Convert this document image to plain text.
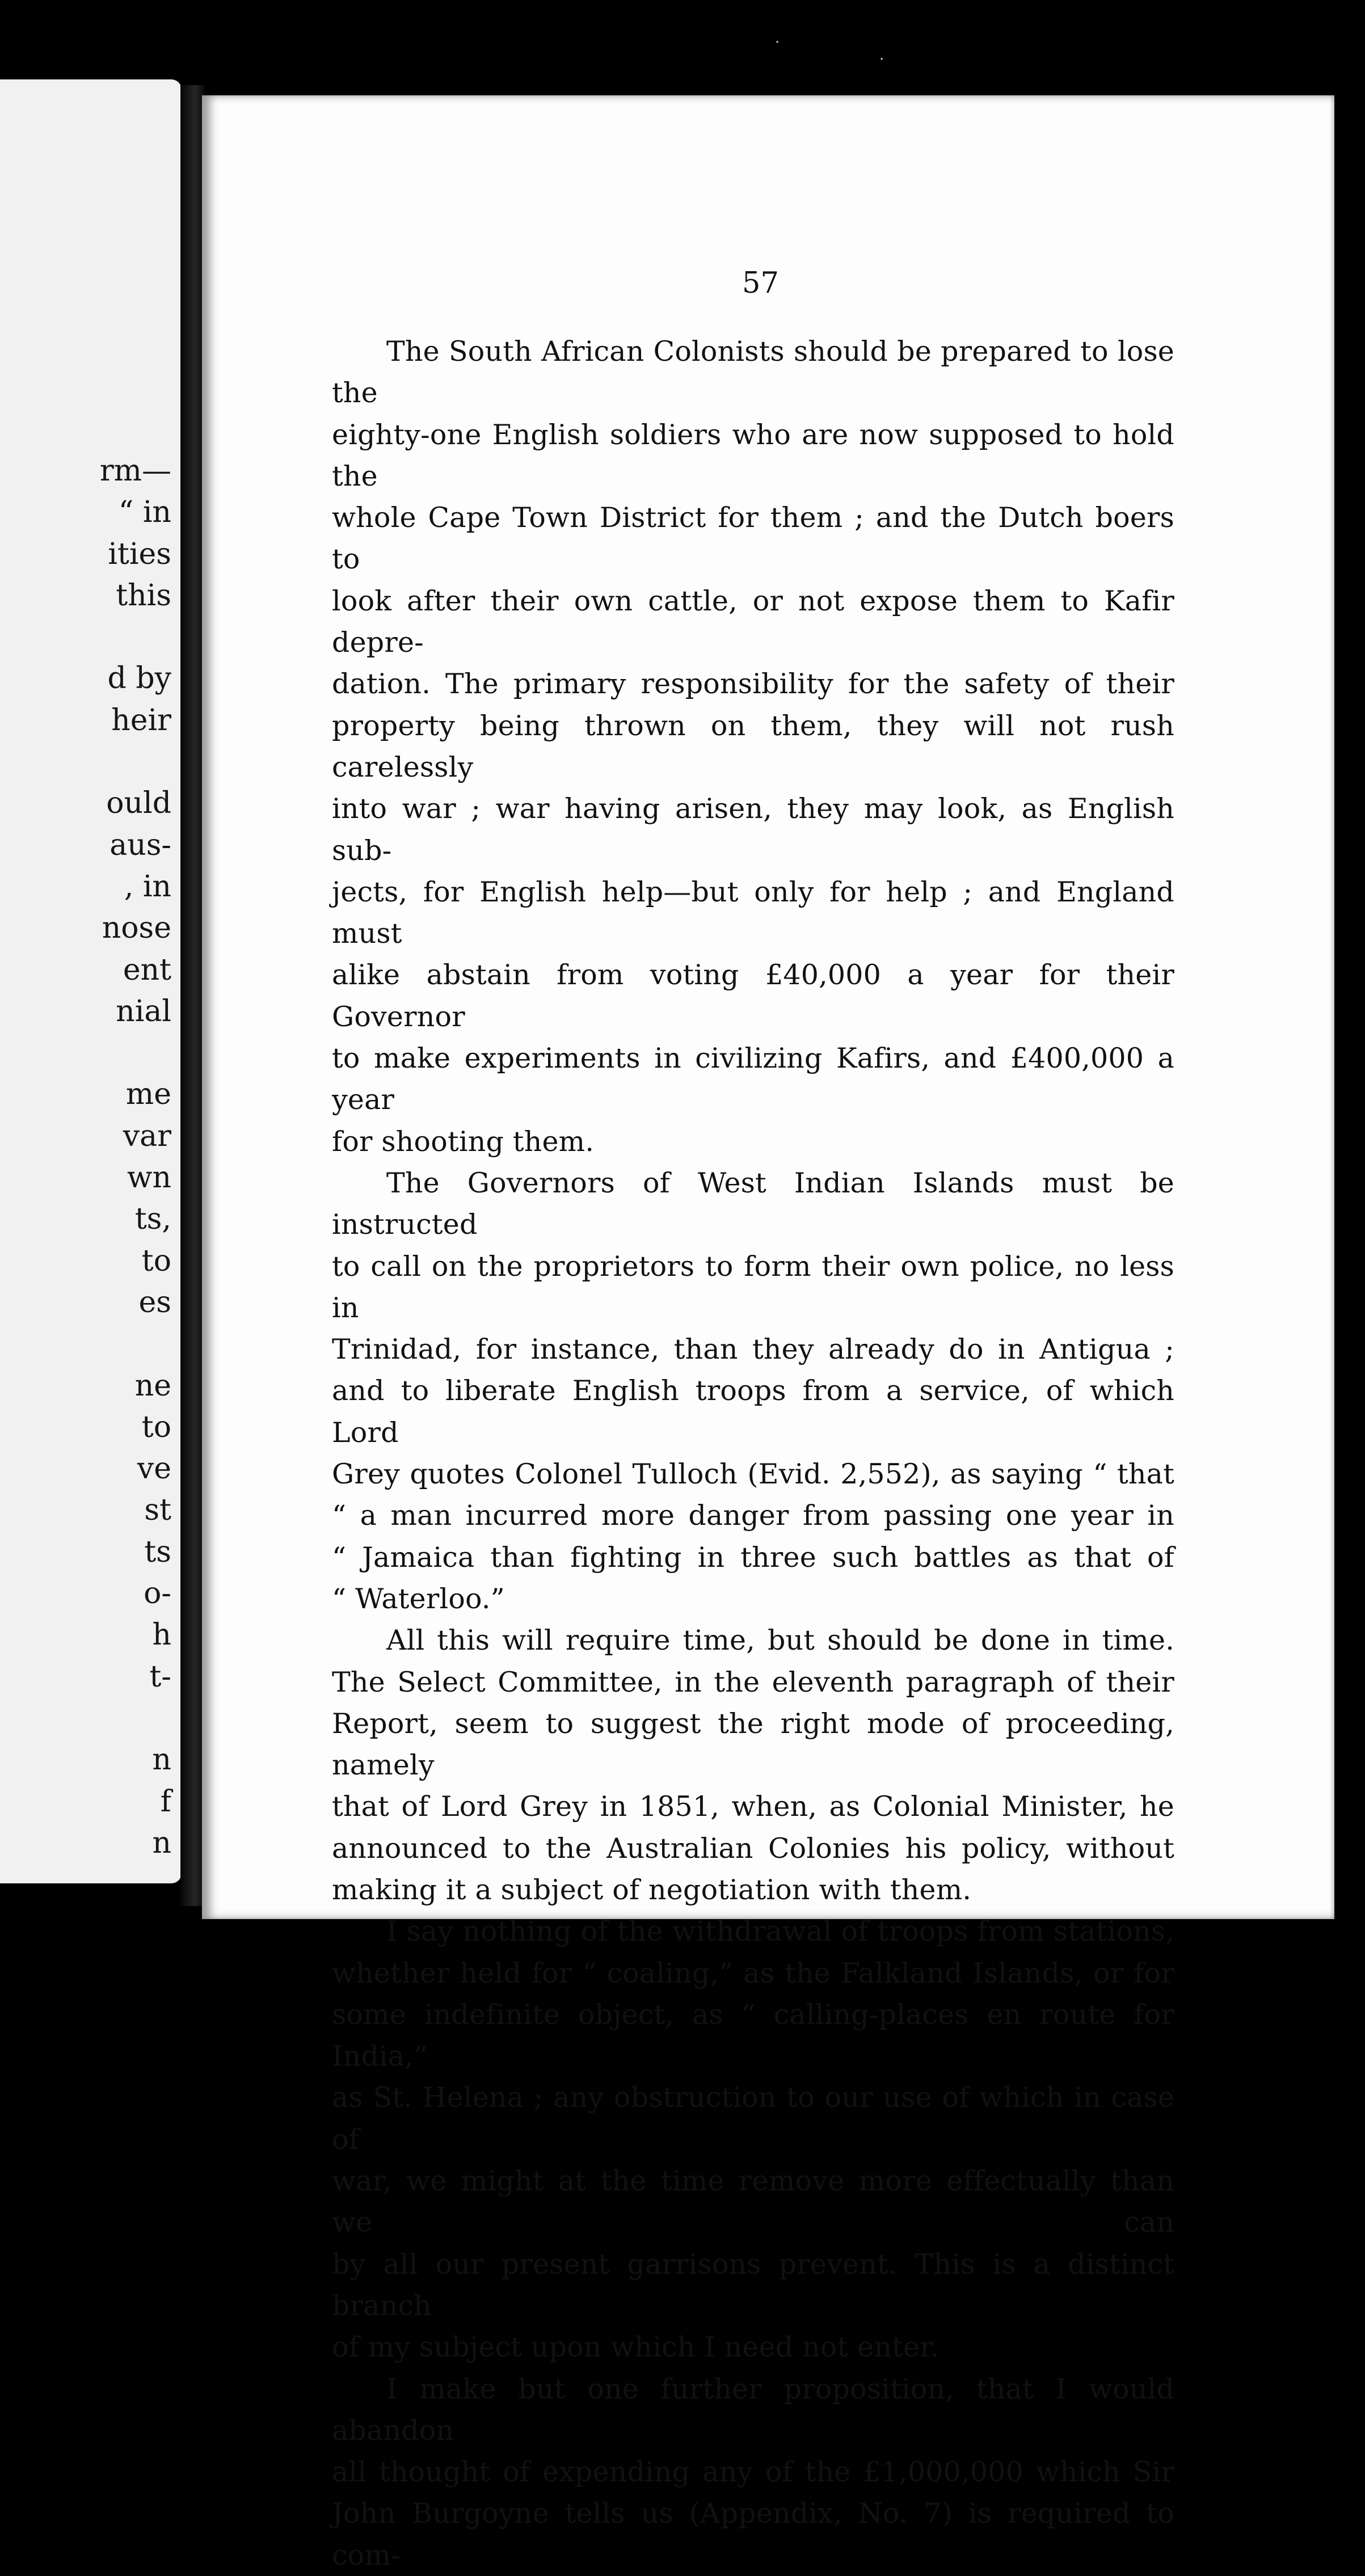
rm—
“ in
ities
this
d by
heir
ould
aus-
, in
nose
ent
nial
me
var
wn
ts,
to
es
ne
to
ve
st
ts
o-
h
t-
n
f
n
57

The South African Colonists should be prepared to lose the
eighty-one English soldiers who are now supposed to hold the
whole Cape Town District for them ; and the Dutch boers to
look after their own cattle, or not expose them to Kafir depre-
dation. The primary responsibility for the safety of their
property being thrown on them, they will not rush carelessly
into war ; war having arisen, they may look, as English sub-
jects, for English help—but only for help ; and England must
alike abstain from voting £40,000 a year for their Governor
to make experiments in civilizing Kafirs, and £400,000 a year
for shooting them.

The Governors of West Indian Islands must be instructed
to call on the proprietors to form their own police, no less in
Trinidad, for instance, than they already do in Antigua ;
and to liberate English troops from a service, of which Lord
Grey quotes Colonel Tulloch (Evid. 2,552), as saying “ that
“ a man incurred more danger from passing one year in
“ Jamaica than fighting in three such battles as that of
“ Waterloo.”

All this will require time, but should be done in time.
The Select Committee, in the eleventh paragraph of their
Report, seem to suggest the right mode of proceeding, namely
that of Lord Grey in 1851, when, as Colonial Minister, he
announced to the Australian Colonies his policy, without
making it a subject of negotiation with them.

I say nothing of the withdrawal of troops from stations,
whether held for “ coaling,” as the Falkland Islands, or for
some indefinite object, as “ calling-places en route for India,”
as St. Helena ; any obstruction to our use of which in case of
war, we might at the time remove more effectually than we can
by all our present garrisons prevent. This is a distinct branch
of my subject upon which I need not enter.

I make but one further proposition, that I would abandon
all thought of expending any of the £1,000,000 which Sir
John Burgoyne tells us (Appendix, No. 7) is required to com-

·
·
